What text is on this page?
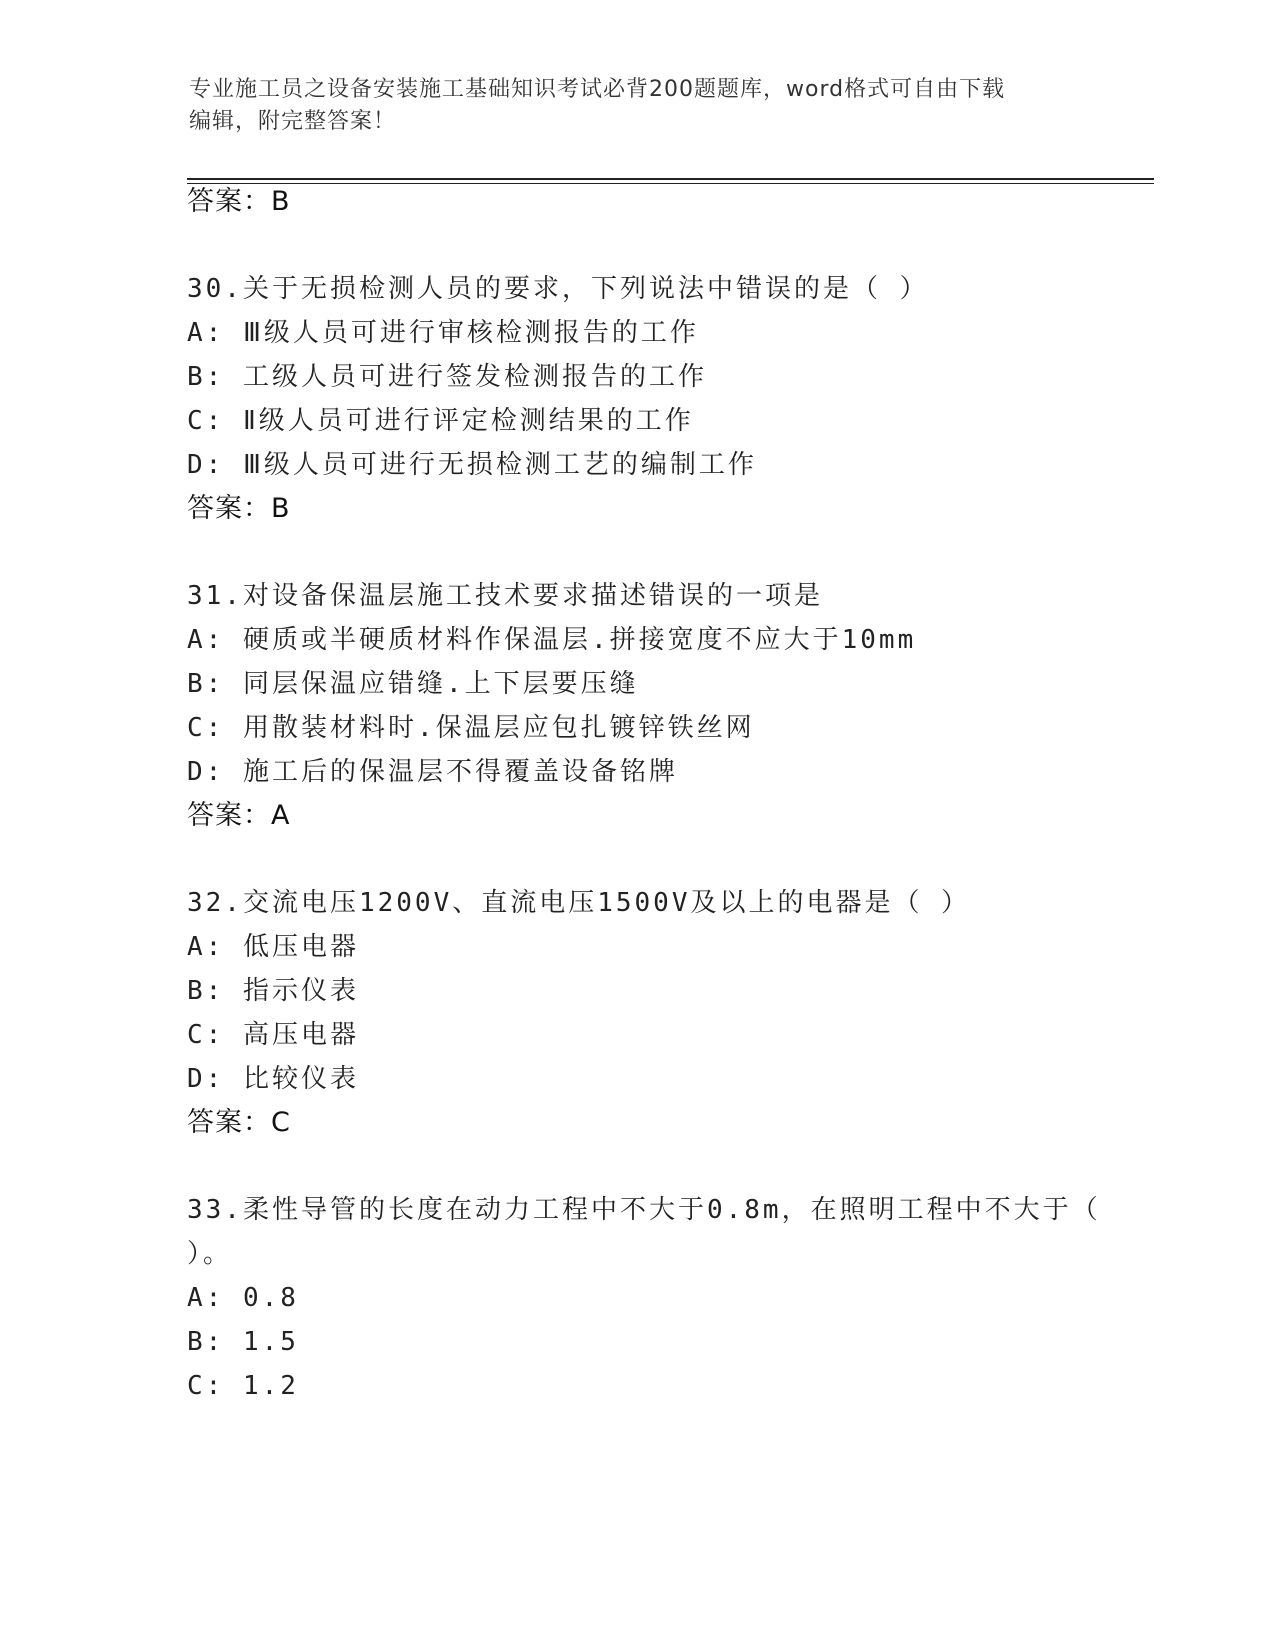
专业施工员之设备安装施工基础知识考试必背200题题库，word格式可自由下载
编辑，附完整答案！

答案：B

30.关于无损检测人员的要求，下列说法中错误的是（ ）

A: Ⅲ级人员可进行审核检测报告的工作

B: 工级人员可进行签发检测报告的工作

C: Ⅱ级人员可进行评定检测结果的工作

D: Ⅲ级人员可进行无损检测工艺的编制工作

答案：B

31.对设备保温层施工技术要求描述错误的一项是

A: 硬质或半硬质材料作保温层.拼接宽度不应大于10mm

B: 同层保温应错缝.上下层要压缝

C: 用散装材料时.保温层应包扎镀锌铁丝网

D: 施工后的保温层不得覆盖设备铭牌

答案：A

32.交流电压1200V、直流电压1500V及以上的电器是（ ）

A: 低压电器

B: 指示仪表

C: 高压电器

D: 比较仪表

答案：C

33.柔性导管的长度在动力工程中不大于0.8m，在照明工程中不大于（

）。

A: 0.8

B: 1.5

C: 1.2
